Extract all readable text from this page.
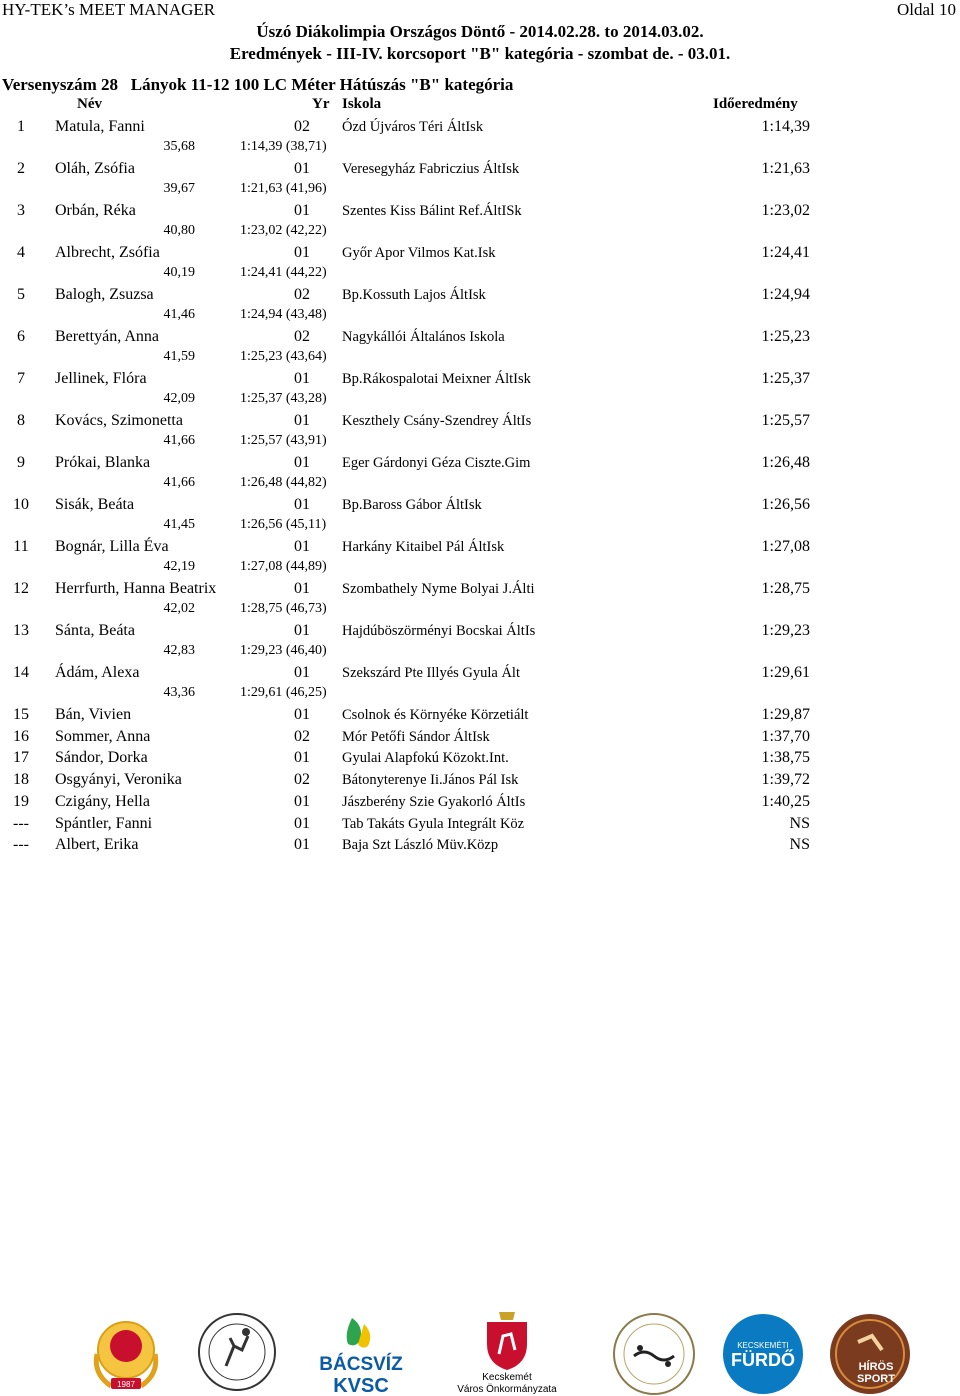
HY-TEK’s MEET MANAGER	Oldal 10
Úszó Diákolimpia Országos Döntő - 2014.02.28. to 2014.03.02.
Eredmények - III-IV. korcsoport "B" kategória - szombat de. - 03.01.
Versenyszám 28   Lányok 11-12 100 LC Méter Hátúszás "B" kategória
Név	Yr Iskola	Időeredmény
1	Matula, Fanni	02	Ózd Újváros Téri ÁltIsk	1:14,39
35,68	1:14,39 (38,71)
2	Oláh, Zsófia	01	Veresegyház Fabriczius ÁltIsk	1:21,63
39,67	1:21,63 (41,96)
3	Orbán, Réka	01	Szentes Kiss Bálint Ref.ÁltISk	1:23,02
40,80	1:23,02 (42,22)
4	Albrecht, Zsófia	01	Győr Apor Vilmos Kat.Isk	1:24,41
40,19	1:24,41 (44,22)
5	Balogh, Zsuzsa	02	Bp.Kossuth Lajos ÁltIsk	1:24,94
41,46	1:24,94 (43,48)
6	Berettyán, Anna	02	Nagykállói Általános Iskola	1:25,23
41,59	1:25,23 (43,64)
7	Jellinek, Flóra	01	Bp.Rákospalotai Meixner ÁltIsk	1:25,37
42,09	1:25,37 (43,28)
8	Kovács, Szimonetta	01	Keszthely Csány-Szendrey ÁltIs	1:25,57
41,66	1:25,57 (43,91)
9	Prókai, Blanka	01	Eger Gárdonyi Géza Ciszte.Gim	1:26,48
41,66	1:26,48 (44,82)
10	Sisák, Beáta	01	Bp.Baross Gábor ÁltIsk	1:26,56
41,45	1:26,56 (45,11)
11	Bognár, Lilla Éva	01	Harkány Kitaibel Pál ÁltIsk	1:27,08
42,19	1:27,08 (44,89)
12	Herrfurth, Hanna Beatrix	01	Szombathely Nyme Bolyai J.Álti	1:28,75
42,02	1:28,75 (46,73)
13	Sánta, Beáta	01	Hajdúböszörményi Bocskai ÁltIs	1:29,23
42,83	1:29,23 (46,40)
14	Ádám, Alexa	01	Szekszárd Pte Illyés Gyula Ált	1:29,61
43,36	1:29,61 (46,25)
15	Bán, Vivien	01	Csolnok és Környéke Körzetiált	1:29,87
16	Sommer, Anna	02	Mór Petőfi Sándor ÁltIsk	1:37,70
17	Sándor, Dorka	01	Gyulai Alapfokú Közokt.Int.	1:38,75
18	Osgyányi, Veronika	02	Bátonyterenye Ii.János Pál Isk	1:39,72
19	Czigány, Hella	01	Jászberény Szie Gyakorló ÁltIs	1:40,25
---	Spántler, Fanni	01	Tab Takáts Gyula Integrált Köz	NS
---	Albert, Erika	01	Baja Szt László Müv.Közp	NS
1987
BÁCSVÍZ
KVSC	Kecskemét
Város Önkormányzata
KECSKEMÉTI
FÜRDŐ	HÍRÖS
SPORT
